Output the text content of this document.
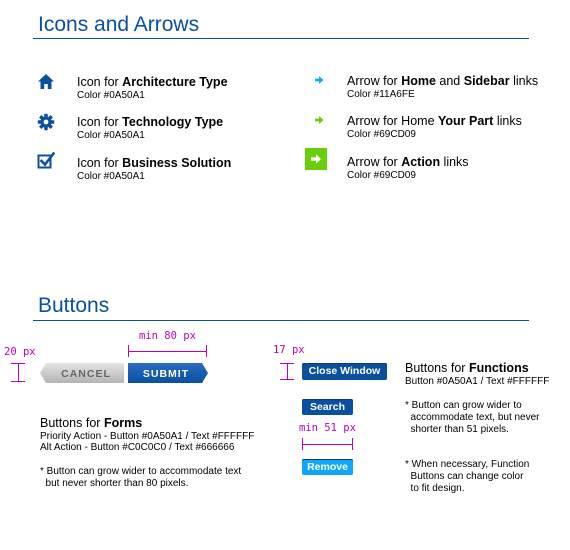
Icons and Arrows
Icon for Architecture Type
Color #0A50A1
Icon for Technology Type
Color #0A50A1
Icon for Business Solution
Color #0A50A1
Arrow for Home and Sidebar links
Color #11A6FE
Arrow for Home Your Part links
Color #69CD09
Arrow for Action links
Color #69CD09
Buttons
20 px
min 80 px
CANCEL	SUBMIT
Buttons for Forms
Priority Action - Button #0A50A1 / Text #FFFFFF
Alt Action - Button #C0C0C0 / Text #666666
* Button can grow wider to accommodate text
but never shorter than 80 pixels.
17 px
Close Window
Search
min 51 px
Remove
Buttons for Functions
Button #0A50A1 / Text #FFFFFF
* Button can grow wider to
accommodate text, but never
shorter than 51 pixels.
* When necessary, Function
Buttons can change color
to fit design.
